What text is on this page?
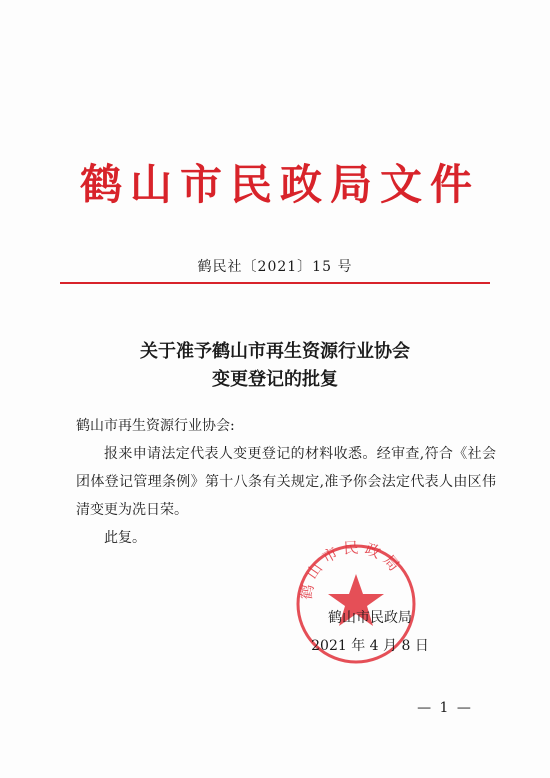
鹤山市民政局文件
鹤民社〔2021〕15 号
关于准予鹤山市再生资源行业协会
变更登记的批复
鹤山市再生资源行业协会:
报来申请法定代表人变更登记的材料收悉。经审查,符合《社会团体登记管理条例》第十八条有关规定,准予你会法定代表人由区伟清变更为冼日荣。
此复。
鹤山市民政局
鹤山市民政局
2021 年 4 月 8 日
— 1 —
